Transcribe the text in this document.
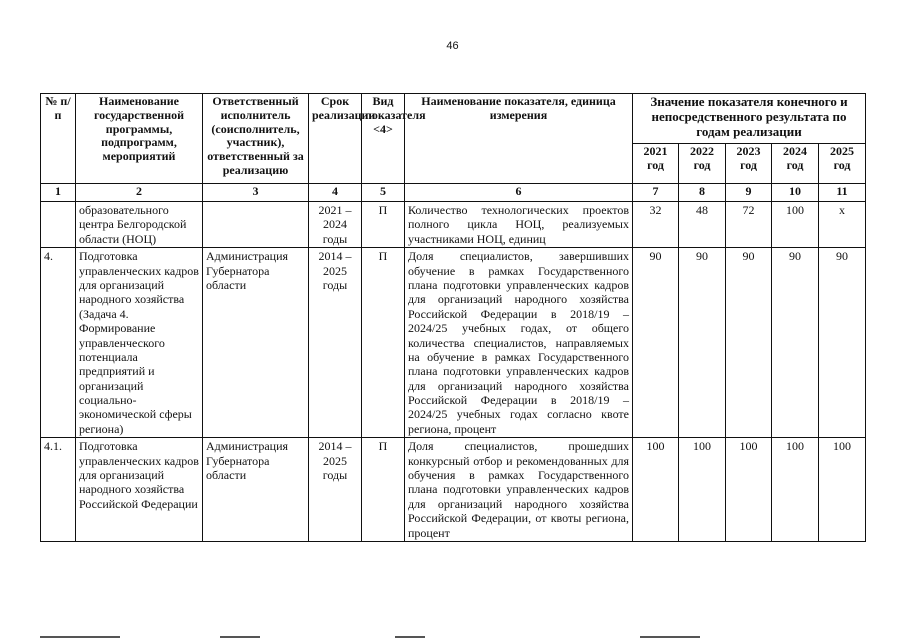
46
№ п/п	Наименование государственной программы, подпрограмм, мероприятий	Ответственный исполнитель (соисполнитель, участник), ответственный за реализацию	Срок реализации	Вид показателя <4>	Наименование показателя, единица измерения	Значение показателя конечного и непосредственного результата по годам реализации				
						2021 год	2022 год	2023 год	2024 год	2025 год
1	2	3	4	5	6	7	8	9	10	11
	образовательного центра Белгородской области (НОЦ)		2021 – 2024 годы	П	Количество технологических проектов полного цикла НОЦ, реализуемых участниками НОЦ, единиц	32	48	72	100	х
4.	Подготовка управленческих кадров для организаций народного хозяйства (Задача 4. Формирование управленческого потенциала предприятий и организаций социально-экономической сферы региона)	Администрация Губернатора области	2014 – 2025 годы	П	Доля специалистов, завершивших обучение в рамках Государственного плана подготовки управленческих кадров для организаций народного хозяйства Российской Федерации в 2018/19 – 2024/25 учебных годах, от общего количества специалистов, направляемых на обучение в рамках Государственного плана подготовки управленческих кадров для организаций народного хозяйства Российской Федерации в 2018/19 – 2024/25 учебных годах согласно квоте региона, процент	90	90	90	90	90
4.1.	Подготовка управленческих кадров для организаций народного хозяйства Российской Федерации	Администрация Губернатора области	2014 – 2025 годы	П	Доля специалистов, прошедших конкурсный отбор и рекомендованных для обучения в рамках Государственного плана подготовки управленческих кадров для организаций народного хозяйства Российской Федерации, от квоты региона, процент	100	100	100	100	100
